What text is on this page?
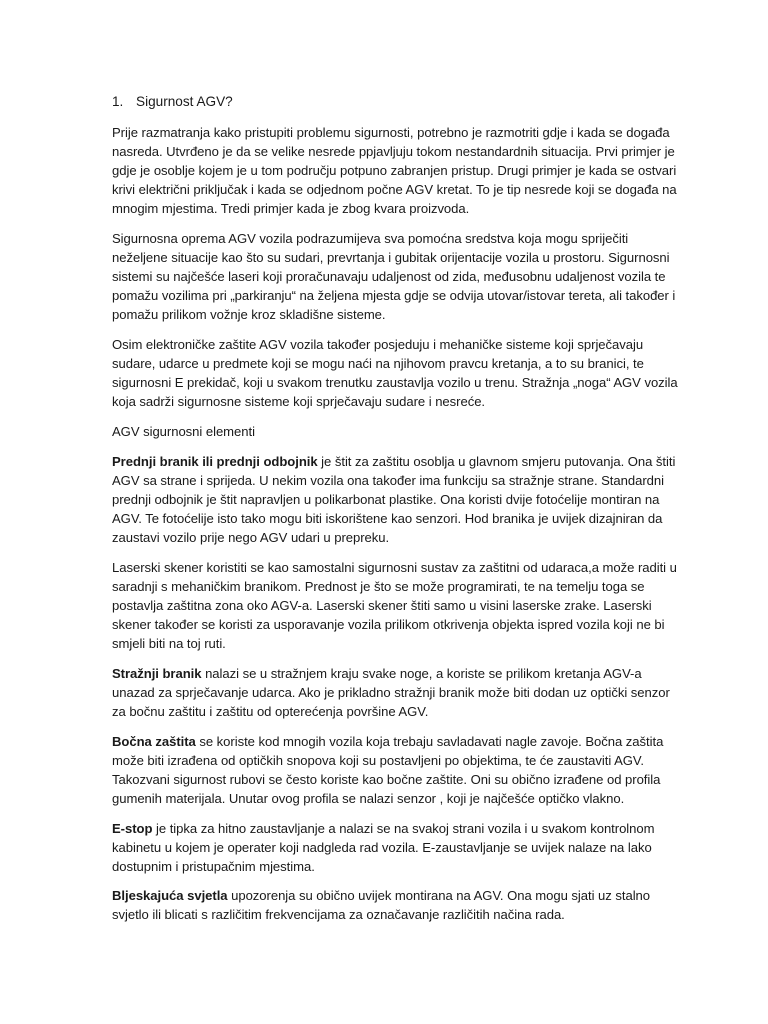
1. Sigurnost AGV?

Prije razmatranja kako pristupiti problemu sigurnosti, potrebno je razmotriti gdje i kada se događa nasreda. Utvrđeno je da se velike nesrede ppjavljuju tokom nestandardnih situacija. Prvi primjer je gdje je osoblje kojem je u tom području potpuno zabranjen pristup. Drugi primjer je kada se ostvari krivi električni priključak i kada se odjednom počne AGV kretat. To je tip nesrede koji se događa na mnogim mjestima. Tredi primjer kada je zbog kvara proizvoda.

Sigurnosna oprema AGV vozila podrazumijeva sva pomoćna sredstva koja mogu spriječiti neželjene situacije kao što su sudari, prevrtanja i gubitak orijentacije vozila u prostoru. Sigurnosni sistemi su najčešće laseri koji proračunavaju udaljenost od zida, međusobnu udaljenost vozila te pomažu vozilima pri „parkiranju“ na željena mjesta gdje se odvija utovar/istovar tereta, ali također i pomažu prilikom vožnje kroz skladišne sisteme.

Osim elektroničke zaštite AGV vozila također posjeduju i mehaničke sisteme koji sprječavaju sudare, udarce u predmete koji se mogu naći na njihovom pravcu kretanja, a to su branici, te sigurnosni E prekidač, koji u svakom trenutku zaustavlja vozilo u trenu. Stražnja „noga“ AGV vozila koja sadrži sigurnosne sisteme koji sprječavaju sudare i nesreće.

AGV sigurnosni elementi

Prednji branik ili prednji odbojnik je štit za zaštitu osoblja u glavnom smjeru putovanja. Ona štiti AGV sa strane i sprijeda. U nekim vozila ona također ima funkciju sa stražnje strane. Standardni prednji odbojnik je štit napravljen u polikarbonat plastike. Ona koristi dvije fotoćelije montiran na AGV. Te fotoćelije isto tako mogu biti iskorištene kao senzori. Hod branika je uvijek dizajniran da zaustavi vozilo prije nego AGV udari u prepreku.

Laserski skener koristiti se kao samostalni sigurnosni sustav za zaštitni od udaraca,a može raditi u saradnji s mehaničkim branikom. Prednost je što se može programirati, te na temelju toga se postavlja zaštitna zona oko AGV-a. Laserski skener štiti samo u visini laserske zrake. Laserski skener također se koristi za usporavanje vozila prilikom otkrivenja objekta ispred vozila koji ne bi smjeli biti na toj ruti.

Stražnji branik nalazi se u stražnjem kraju svake noge, a koriste se prilikom kretanja AGV-a unazad za sprječavanje udarca. Ako je prikladno stražnji branik može biti dodan uz optički senzor za bočnu zaštitu i zaštitu od opterećenja površine AGV.

Bočna zaštita se koriste kod mnogih vozila koja trebaju savladavati nagle zavoje. Bočna zaštita može biti izrađena od optičkih snopova koji su postavljeni po objektima, te će zaustaviti AGV. Takozvani sigurnost rubovi se često koriste kao bočne zaštite. Oni su obično izrađene od profila gumenih materijala. Unutar ovog profila se nalazi senzor , koji je najčešće optičko vlakno.

E-stop je tipka za hitno zaustavljanje a nalazi se na svakoj strani vozila i u svakom kontrolnom kabinetu u kojem je operater koji nadgleda rad vozila. E-zaustavljanje se uvijek nalaze na lako dostupnim i pristupačnim mjestima.

Bljeskajuća svjetla upozorenja su obično uvijek montirana na AGV. Ona mogu sjati uz stalno svjetlo ili blicati s različitim frekvencijama za označavanje različitih načina rada.
